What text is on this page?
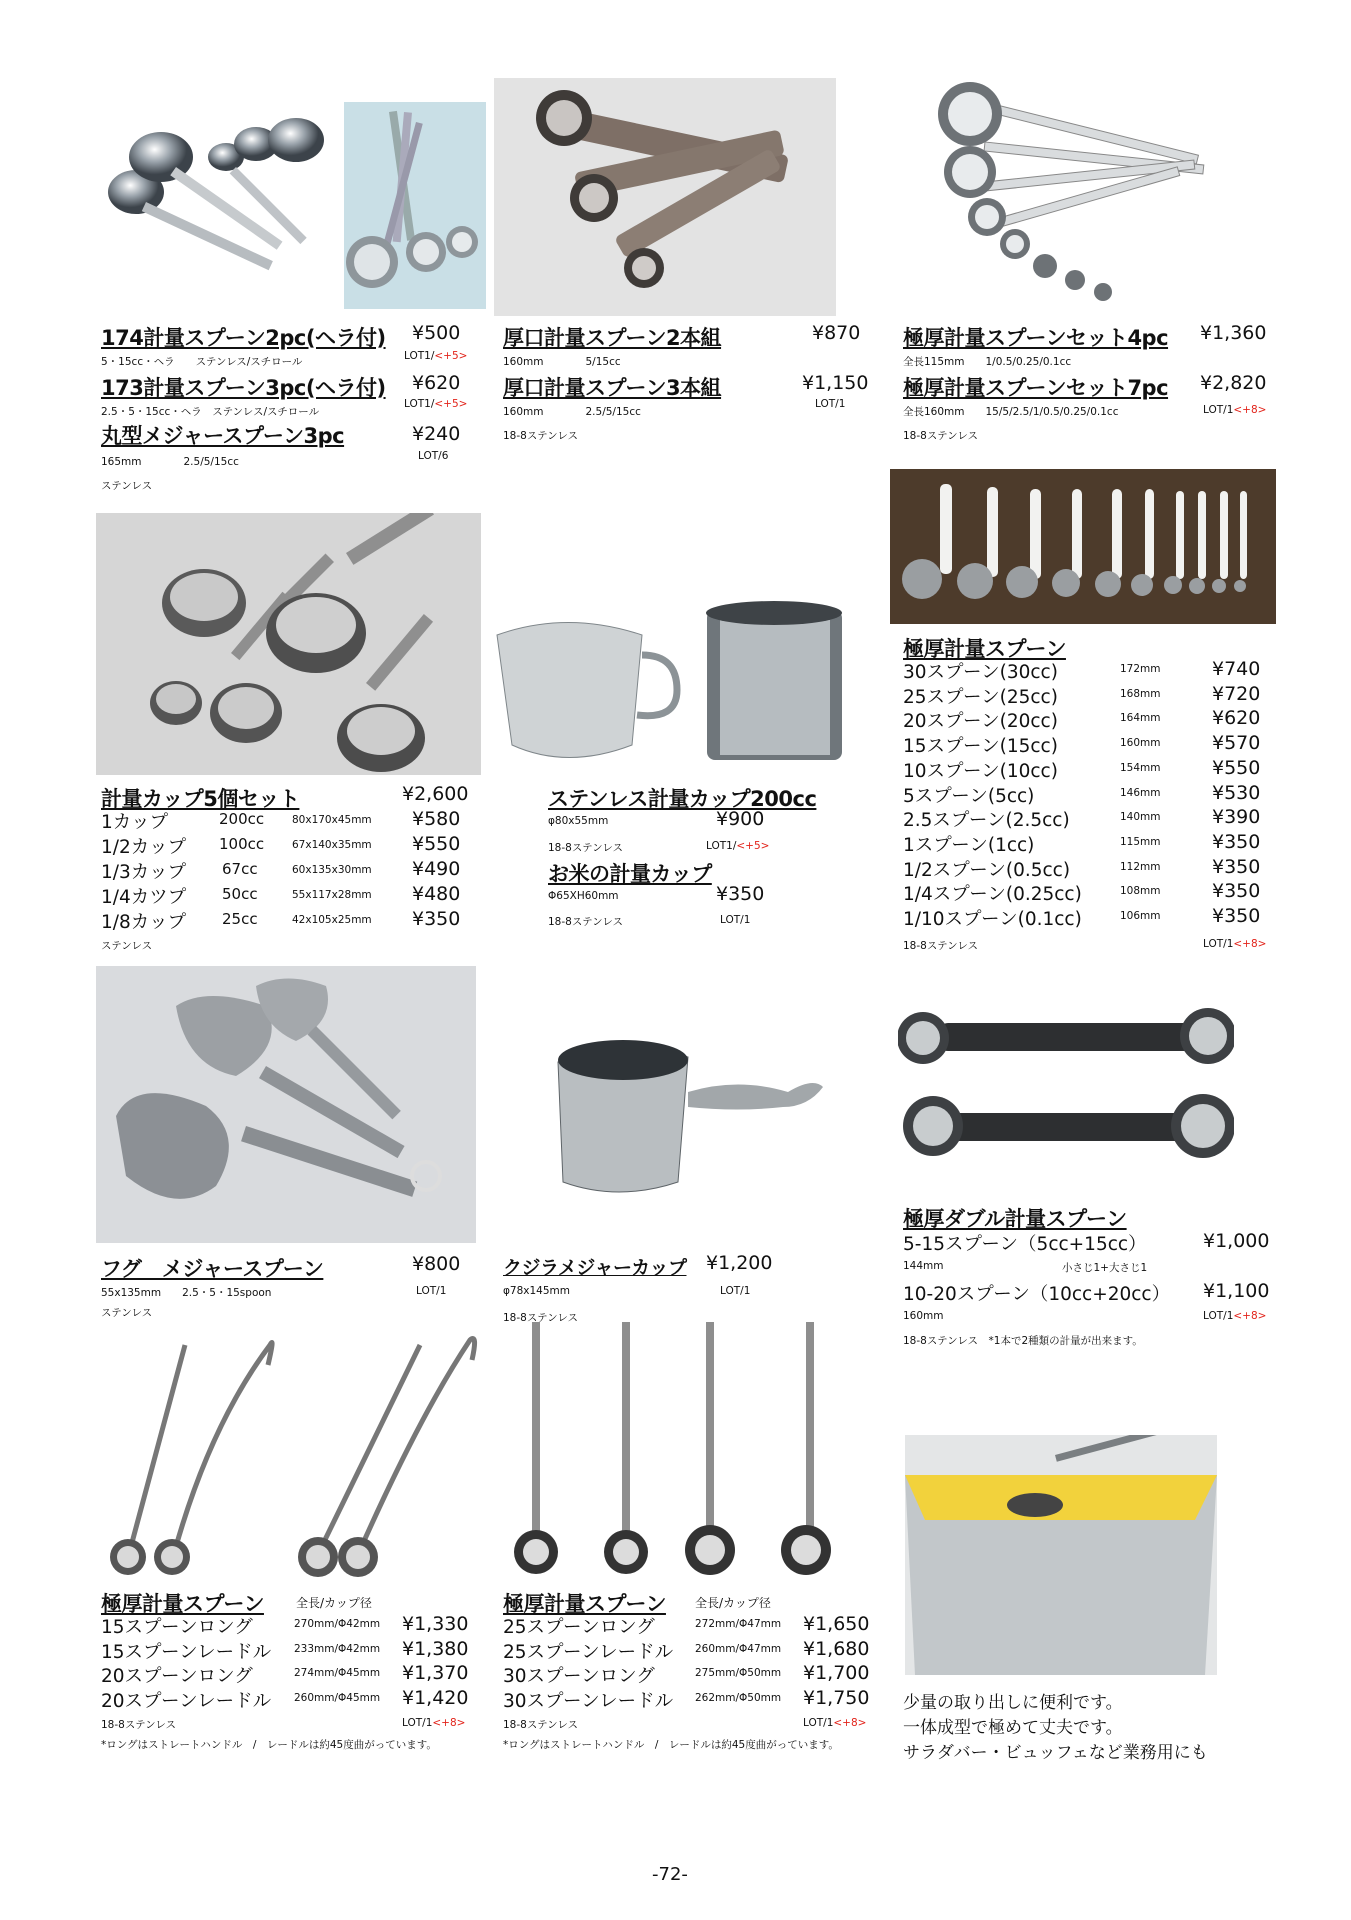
174計量スプーン2pc(ヘラ付) ¥500
5・15cc・ヘラ　　ステンレス/スチロール	LOT1/<+5>
173計量スプーン3pc(ヘラ付) ¥620
2.5・5・15cc・ヘラ　ステンレス/スチロール
LOT1/<+5>
丸型メジャースプーン3pc	¥240
165mm　　　　2.5/5/15cc	LOT/6
ステンレス
厚口計量スプーン2本組	¥870
160mm　　　　5/15cc
厚口計量スプーン3本組	¥1,150
160mm　　　　2.5/5/15cc
LOT/1
18-8ステンレス
極厚計量スプーンセット4pc ¥1,360
全長115mm　　1/0.5/0.25/0.1cc
極厚計量スプーンセット7pc ¥2,820
全長160mm　　15/5/2.5/1/0.5/0.25/0.1cc	LOT/1<+8>
18-8ステンレス
計量カップ5個セット	¥2,600
1カップ	200cc	80x170x45mm ¥580
1/2カップ 100cc	67x140x35mm ¥550
1/3カップ 67cc	60x135x30mm ¥490
1/4カツプ 50cc	55x117x28mm ¥480
1/8カップ 25cc	42x105x25mm ¥350
ステンレス
ステンレス計量カップ200cc
φ80x55mm	¥900
18-8ステンレス	LOT1/<+5>
お米の計量カップ
Φ65XH60mm	¥350
18-8ステンレス	LOT/1
極厚計量スプーン
30スプーン(30cc)	172mm	¥740
25スプーン(25cc)	168mm	¥720
20スプーン(20cc)	164mm	¥620
15スプーン(15cc)	160mm	¥570
10スプーン(10cc)	154mm	¥550
5スプーン(5cc)	146mm	¥530
2.5スプーン(2.5cc)	140mm	¥390
1スプーン(1cc)	115mm	¥350
1/2スプーン(0.5cc)	112mm	¥350
1/4スプーン(0.25cc)	108mm	¥350
1/10スプーン(0.1cc)	106mm	¥350
18-8ステンレス	LOT/1<+8>
フグ　メジャースプーン	¥800
55x135mm　　2.5・5・15spoon	LOT/1
ステンレス
クジラメジャーカップ ¥1,200
φ78x145mm	LOT/1
18-8ステンレス
極厚ダブル計量スプーン
5-15スプーン（5cc+15cc）	¥1,000
144mm	小さじ1+大さじ1
10-20スプーン（10cc+20cc） ¥1,100
160mm	LOT/1<+8>
18-8ステンレス　*1本で2種類の計量が出来ます。
極厚計量スプーン	全長/カップ径
15スプーンロング	270mm/Φ42mm ¥1,330
15スプーンレードル 233mm/Φ42mm ¥1,380
20スプーンロング	274mm/Φ45mm ¥1,370
20スプーンレードル 260mm/Φ45mm ¥1,420
18-8ステンレス	LOT/1<+8>
*ロングはストレートハンドル　/　レードルは約45度曲がっています。
極厚計量スプーン 全長/カップ径
25スプーンロング	272mm/Φ47mm ¥1,650
25スプーンレードル 260mm/Φ47mm ¥1,680
30スプーンロング	275mm/Φ50mm ¥1,700
30スプーンレードル 262mm/Φ50mm ¥1,750
18-8ステンレス	LOT/1<+8>
*ロングはストレートハンドル　/　レードルは約45度曲がっています。
少量の取り出しに便利です。
一体成型で極めて丈夫です。
サラダバー・ビュッフェなど業務用にも
-72-
